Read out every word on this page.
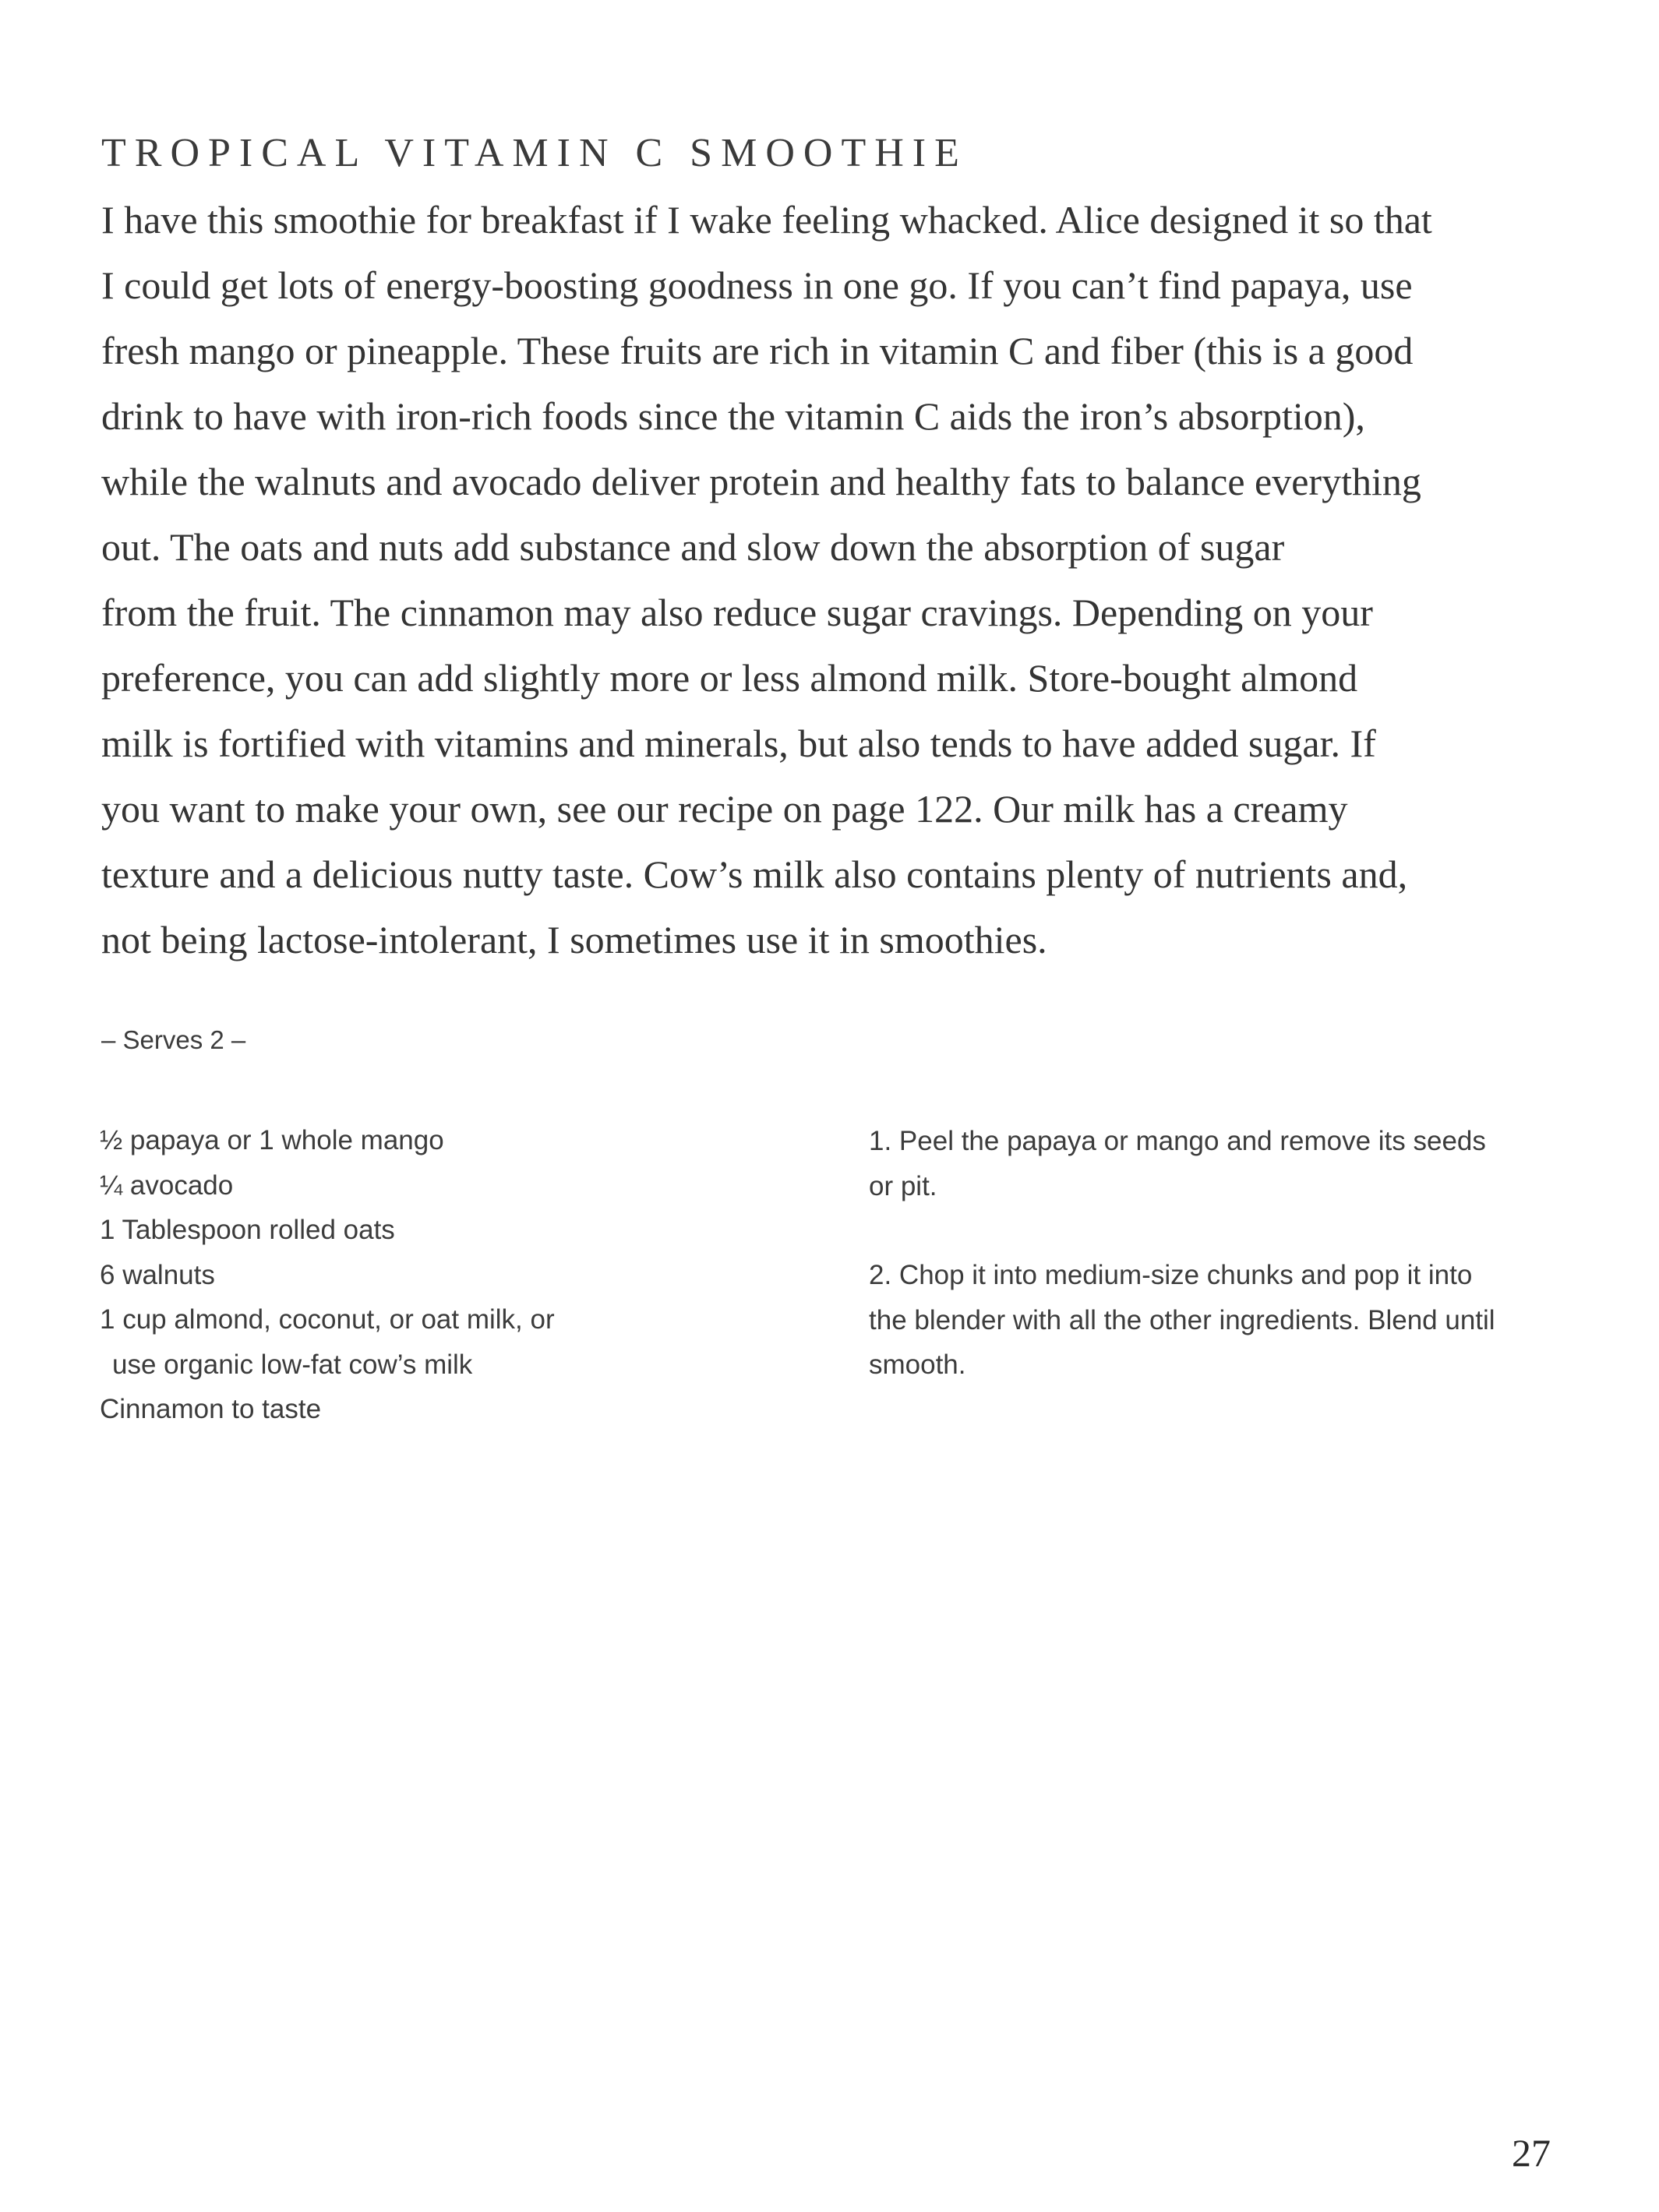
TROPICAL VITAMIN C SMOOTHIE

I have this smoothie for breakfast if I wake feeling whacked. Alice designed it so that
I could get lots of energy-boosting goodness in one go. If you can’t find papaya, use
fresh mango or pineapple. These fruits are rich in vitamin C and fiber (this is a good
drink to have with iron-rich foods since the vitamin C aids the iron’s absorption),
while the walnuts and avocado deliver protein and healthy fats to balance everything
out. The oats and nuts add substance and slow down the absorption of sugar
from the fruit. The cinnamon may also reduce sugar cravings. Depending on your
preference, you can add slightly more or less almond milk. Store-bought almond
milk is fortified with vitamins and minerals, but also tends to have added sugar. If
you want to make your own, see our recipe on page 122. Our milk has a creamy
texture and a delicious nutty taste. Cow’s milk also contains plenty of nutrients and,
not being lactose-intolerant, I sometimes use it in smoothies.

– Serves 2 –

½ papaya or 1 whole mango
¼ avocado
1 Tablespoon rolled oats
6 walnuts
1 cup almond, coconut, or oat milk, or
use organic low-fat cow’s milk
Cinnamon to taste
1. Peel the papaya or mango and remove its seeds
or pit.
2. Chop it into medium-size chunks and pop it into
the blender with all the other ingredients. Blend until
smooth.

27
